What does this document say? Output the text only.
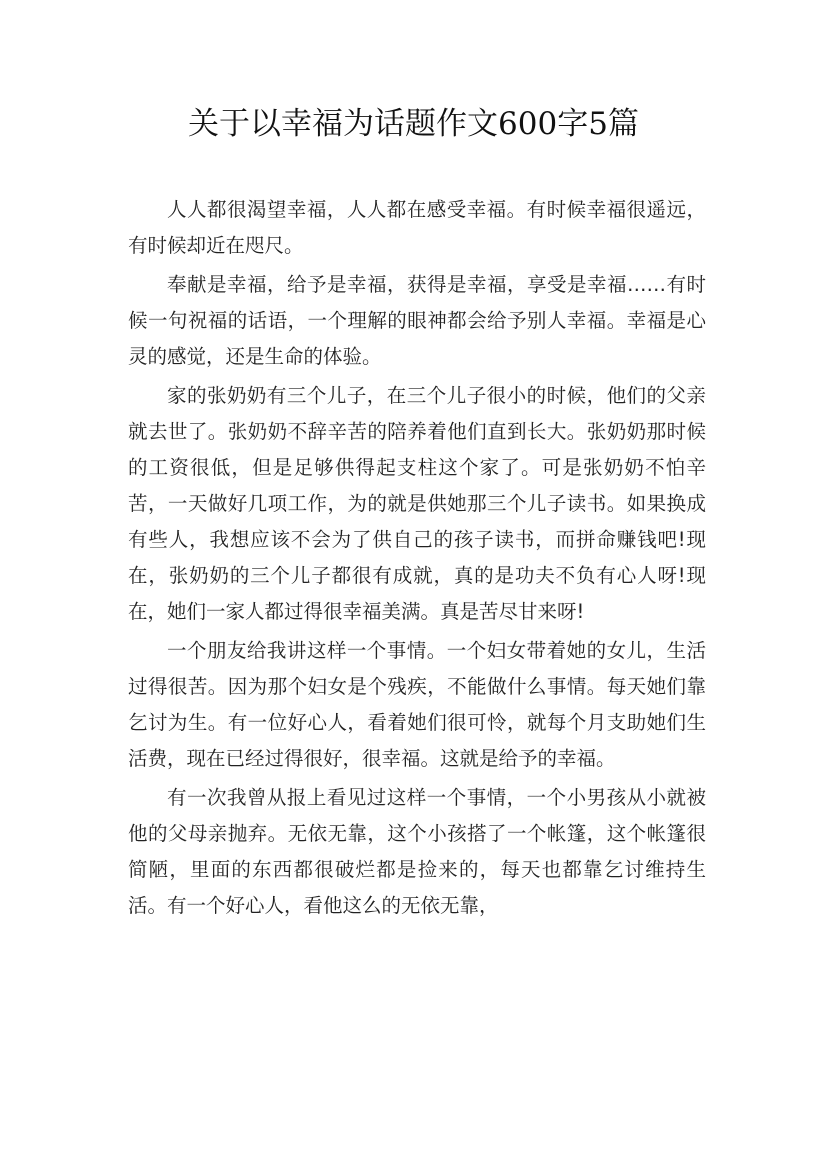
关于以幸福为话题作文600字5篇

人人都很渴望幸福，人人都在感受幸福。有时候幸福很遥远，有时候却近在咫尺。

奉献是幸福，给予是幸福，获得是幸福，享受是幸福……有时候一句祝福的话语，一个理解的眼神都会给予别人幸福。幸福是心灵的感觉，还是生命的体验。

家的张奶奶有三个儿子，在三个儿子很小的时候，他们的父亲就去世了。张奶奶不辞辛苦的陪养着他们直到长大。张奶奶那时候的工资很低，但是足够供得起支柱这个家了。可是张奶奶不怕辛苦，一天做好几项工作，为的就是供她那三个儿子读书。如果换成有些人，我想应该不会为了供自己的孩子读书，而拼命赚钱吧!现在，张奶奶的三个儿子都很有成就，真的是功夫不负有心人呀!现在，她们一家人都过得很幸福美满。真是苦尽甘来呀!

一个朋友给我讲这样一个事情。一个妇女带着她的女儿，生活过得很苦。因为那个妇女是个残疾，不能做什么事情。每天她们靠乞讨为生。有一位好心人，看着她们很可怜，就每个月支助她们生活费，现在已经过得很好，很幸福。这就是给予的幸福。

有一次我曾从报上看见过这样一个事情，一个小男孩从小就被他的父母亲抛弃。无依无靠，这个小孩搭了一个帐篷，这个帐篷很简陋，里面的东西都很破烂都是捡来的，每天也都靠乞讨维持生活。有一个好心人，看他这么的无依无靠，
